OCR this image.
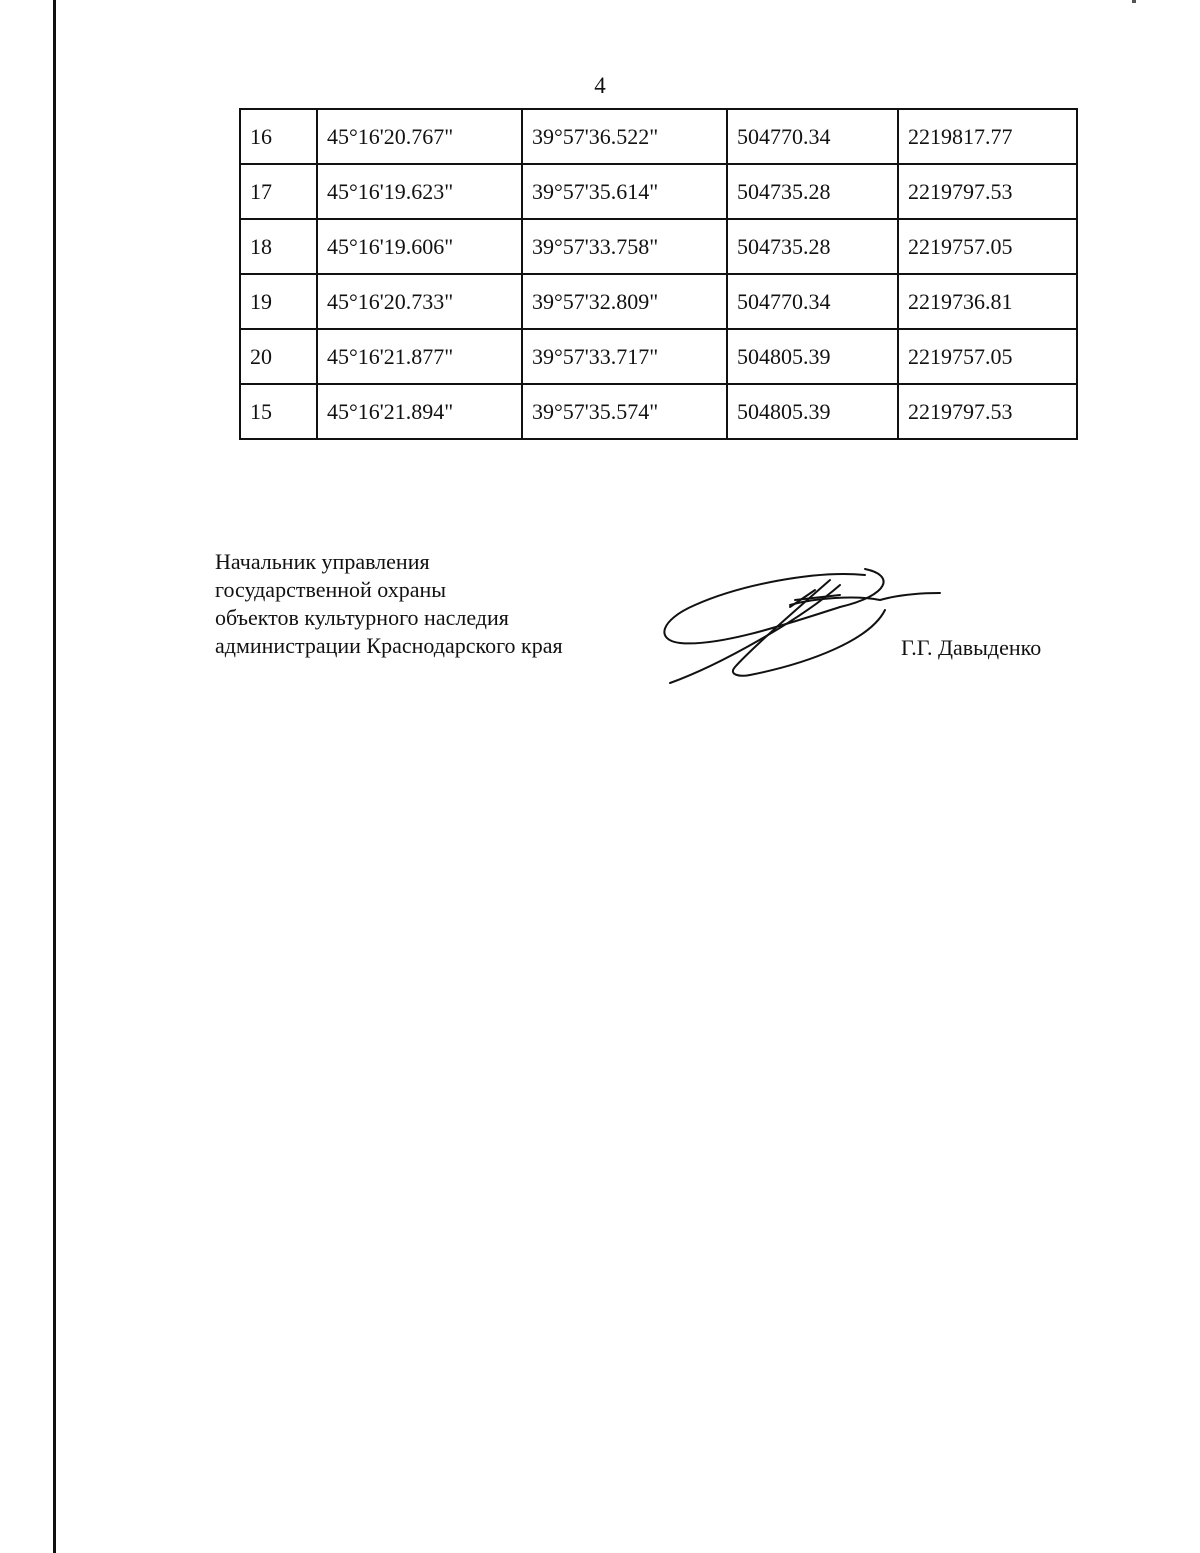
4
16	45°16'20.767"	39°57'36.522"	504770.34	2219817.77
17	45°16'19.623"	39°57'35.614"	504735.28	2219797.53
18	45°16'19.606"	39°57'33.758"	504735.28	2219757.05
19	45°16'20.733"	39°57'32.809"	504770.34	2219736.81
20	45°16'21.877"	39°57'33.717"	504805.39	2219757.05
15	45°16'21.894"	39°57'35.574"	504805.39	2219797.53
Начальник управления
государственной охраны
объектов культурного наследия
администрации Краснодарского края	Г.Г. Давыденко
